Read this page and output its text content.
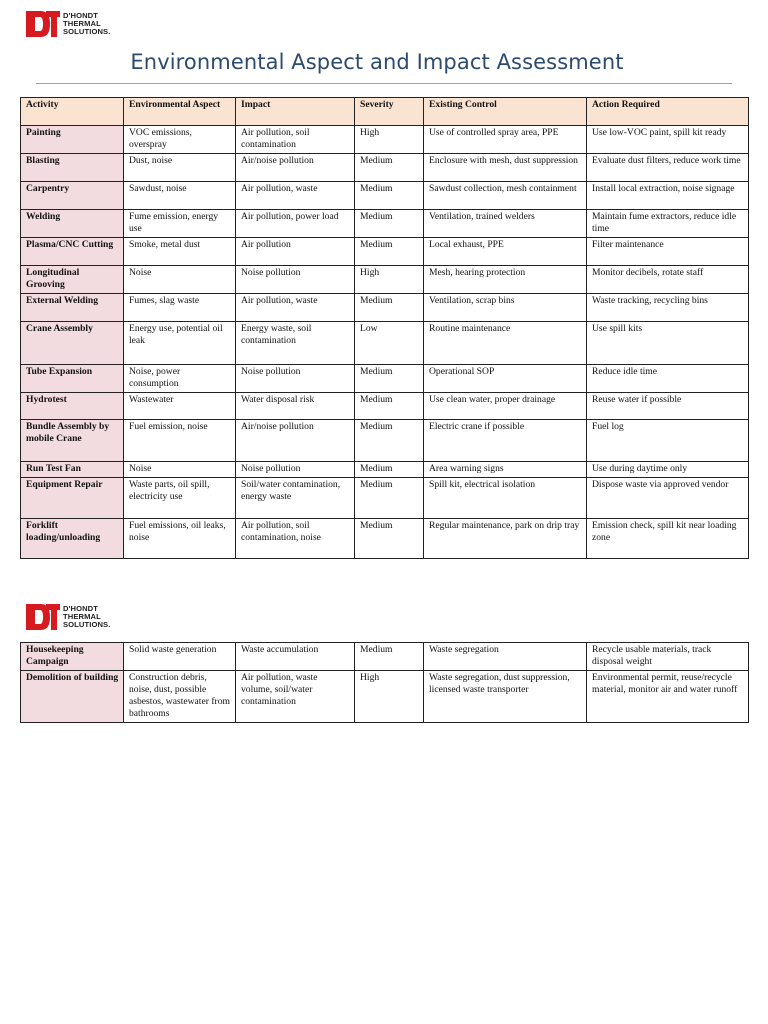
D'HONDT
THERMAL
SOLUTIONS.
Environmental Aspect and Impact Assessment
Activity	Environmental Aspect	Impact	Severity	Existing Control	Action Required
Painting	VOC emissions, overspray	Air pollution, soil contamination	High	Use of controlled spray area, PPE	Use low-VOC paint, spill kit ready
Blasting	Dust, noise	Air/noise pollution	Medium	Enclosure with mesh, dust suppression	Evaluate dust filters, reduce work time
Carpentry	Sawdust, noise	Air pollution, waste	Medium	Sawdust collection, mesh containment	Install local extraction, noise signage
Welding	Fume emission, energy use	Air pollution, power load	Medium	Ventilation, trained welders	Maintain fume extractors, reduce idle time
Plasma/CNC Cutting	Smoke, metal dust	Air pollution	Medium	Local exhaust, PPE	Filter maintenance
Longitudinal Grooving	Noise	Noise pollution	High	Mesh, hearing protection	Monitor decibels, rotate staff
External Welding	Fumes, slag waste	Air pollution, waste	Medium	Ventilation, scrap bins	Waste tracking, recycling bins
Crane Assembly	Energy use, potential oil leak	Energy waste, soil contamination	Low	Routine maintenance	Use spill kits
Tube Expansion	Noise, power consumption	Noise pollution	Medium	Operational SOP	Reduce idle time
Hydrotest	Wastewater	Water disposal risk	Medium	Use clean water, proper drainage	Reuse water if possible
Bundle Assembly by mobile Crane	Fuel emission, noise	Air/noise pollution	Medium	Electric crane if possible	Fuel log
Run Test Fan	Noise	Noise pollution	Medium	Area warning signs	Use during daytime only
Equipment Repair	Waste parts, oil spill, electricity use	Soil/water contamination, energy waste	Medium	Spill kit, electrical isolation	Dispose waste via approved vendor
Forklift loading/unloading	Fuel emissions, oil leaks, noise	Air pollution, soil contamination, noise	Medium	Regular maintenance, park on drip tray	Emission check, spill kit near loading zone
D'HONDT
THERMAL
SOLUTIONS.
Housekeeping Campaign	Solid waste generation	Waste accumulation	Medium	Waste segregation	Recycle usable materials, track disposal weight
Demolition of building	Construction debris, noise, dust, possible asbestos, wastewater from bathrooms	Air pollution, waste volume, soil/water contamination	High	Waste segregation, dust suppression, licensed waste transporter	Environmental permit, reuse/recycle material, monitor air and water runoff
